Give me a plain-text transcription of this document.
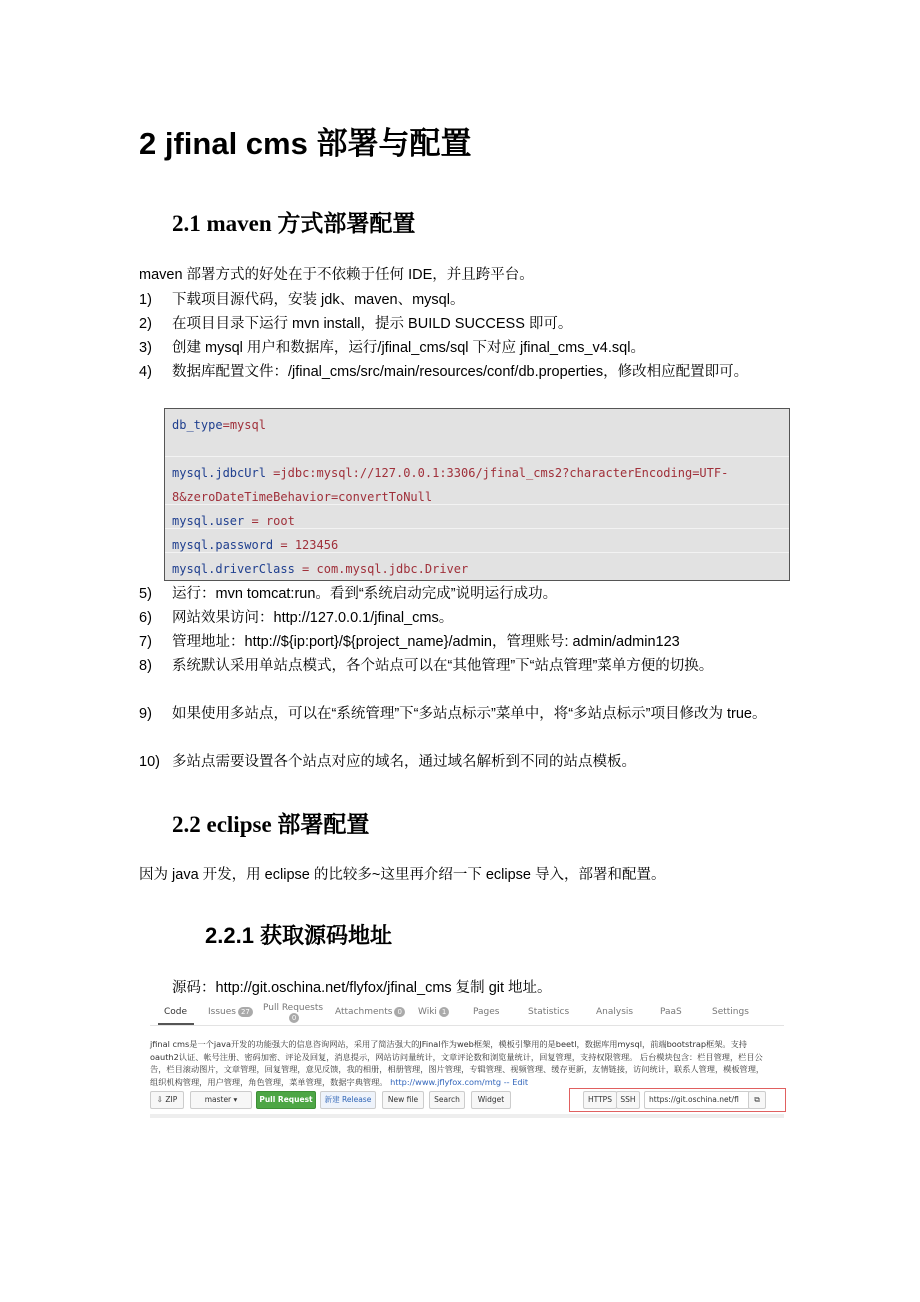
2 jfinal cms 部署与配置
2.1 maven 方式部署配置
maven 部署方式的好处在于不依赖于任何 IDE，并且跨平台。
1) 下载项目源代码，安装 jdk、maven、mysql。
2) 在项目目录下运行 mvn install，提示 BUILD SUCCESS 即可。
3) 创建 mysql 用户和数据库，运行/jfinal_cms/sql 下对应 jfinal_cms_v4.sql。
4) 数据库配置文件：/jfinal_cms/src/main/resources/conf/db.properties，修改相应配置即可。
db_type=mysql
mysql.jdbcUrl =jdbc:mysql://127.0.0.1:3306/jfinal_cms2?characterEncoding=UTF-
8&zeroDateTimeBehavior=convertToNull
mysql.user = root
mysql.password = 123456
mysql.driverClass = com.mysql.jdbc.Driver
5) 运行：mvn tomcat:run。看到“系统启动完成”说明运行成功。
6) 网站效果访问：http://127.0.0.1/jfinal_cms。
7) 管理地址：http://${ip:port}/${project_name}/admin，管理账号: admin/admin123
8) 系统默认采用单站点模式，各个站点可以在“其他管理”下“站点管理”菜单方便的切换。
9) 如果使用多站点，可以在“系统管理”下“多站点标示”菜单中，将“多站点标示”项目修改为 true。
10) 多站点需要设置各个站点对应的域名，通过域名解析到不同的站点模板。
2.2 eclipse 部署配置
因为 java 开发，用 eclipse 的比较多~这里再介绍一下 eclipse 导入，部署和配置。
2.2.1 获取源码地址
源码：http://git.oschina.net/flyfox/jfinal_cms 复制 git 地址。
Code Issues 27	Pull Requests
0
Attachments 0	Wiki 1	Pages	Statistics	Analysis	PaaS	Settings
jfinal cms是一个java开发的功能强大的信息咨询网站，采用了简洁强大的JFinal作为web框架，模板引擎用的是beetl，数据库用mysql，前端bootstrap框架。支持oauth2认证、帐号注册、密码加密、评论及回复，消息提示，网站访问量统计，文章评论数和浏览量统计，回复管理，支持权限管理。 后台模块包含：栏目管理，栏目公告，栏目滚动图片，文章管理，回复管理，意见反馈，我的相册，相册管理，图片管理，专辑管理、视频管理、缓存更新，友情链接，访问统计，联系人管理，模板管理，组织机构管理，用户管理，角色管理，菜单管理，数据字典管理。 http://www.jflyfox.com/mtg -- Edit
⇩ ZIP	master ▾	Pull Request	新建 Release	New file	Search	Widget	HTTPS	SSH	https://git.oschina.net/fl	⧉
